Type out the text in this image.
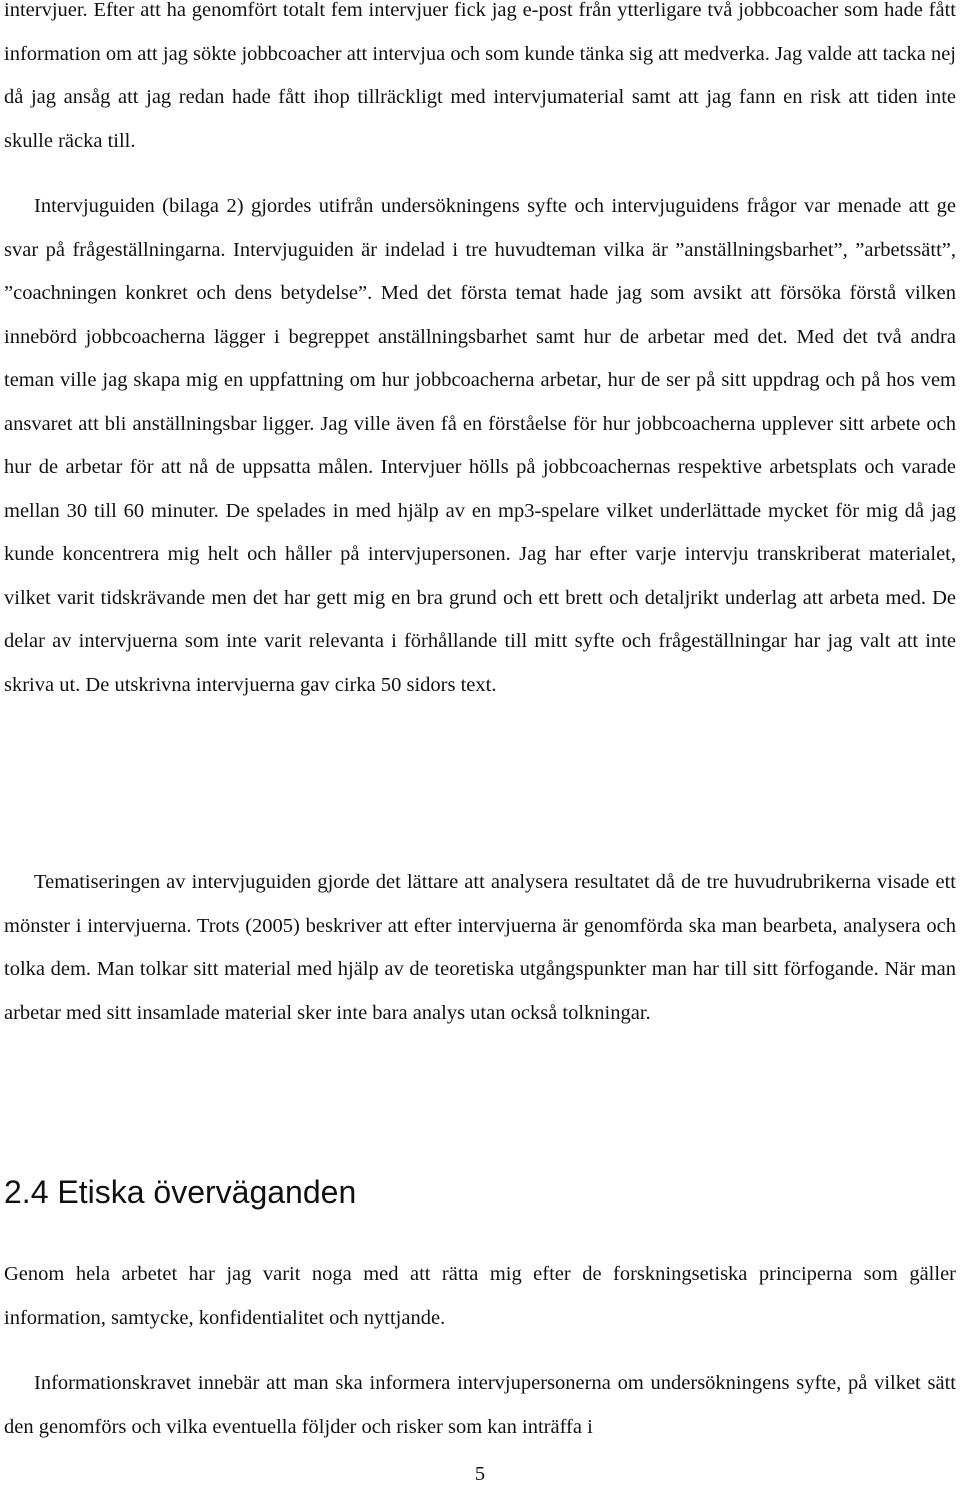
intervjuer. Efter att ha genomfört totalt fem intervjuer fick jag e-post från ytterligare två jobbcoacher som hade fått information om att jag sökte jobbcoacher att intervjua och som kunde tänka sig att medverka. Jag valde att tacka nej då jag ansåg att jag redan hade fått ihop tillräckligt med intervjumaterial samt att jag fann en risk att tiden inte skulle räcka till.

Intervjuguiden (bilaga 2) gjordes utifrån undersökningens syfte och intervjuguidens frågor var menade att ge svar på frågeställningarna. Intervjuguiden är indelad i tre huvudteman vilka är ”anställningsbarhet”, ”arbetssätt”, ”coachningen konkret och dens betydelse”. Med det första temat hade jag som avsikt att försöka förstå vilken innebörd jobbcoacherna lägger i begreppet anställningsbarhet samt hur de arbetar med det. Med det två andra teman ville jag skapa mig en uppfattning om hur jobbcoacherna arbetar, hur de ser på sitt uppdrag och på hos vem ansvaret att bli anställningsbar ligger. Jag ville även få en förståelse för hur jobbcoacherna upplever sitt arbete och hur de arbetar för att nå de uppsatta målen. Intervjuer hölls på jobbcoachernas respektive arbetsplats och varade mellan 30 till 60 minuter. De spelades in med hjälp av en mp3-spelare vilket underlättade mycket för mig då jag kunde koncentrera mig helt och håller på intervjupersonen. Jag har efter varje intervju transkriberat materialet, vilket varit tidskrävande men det har gett mig en bra grund och ett brett och detaljrikt underlag att arbeta med. De delar av intervjuerna som inte varit relevanta i förhållande till mitt syfte och frågeställningar har jag valt att inte skriva ut. De utskrivna intervjuerna gav cirka 50 sidors text.

Tematiseringen av intervjuguiden gjorde det lättare att analysera resultatet då de tre huvudrubrikerna visade ett mönster i intervjuerna. Trots (2005) beskriver att efter intervjuerna är genomförda ska man bearbeta, analysera och tolka dem. Man tolkar sitt material med hjälp av de teoretiska utgångspunkter man har till sitt förfogande. När man arbetar med sitt insamlade material sker inte bara analys utan också tolkningar.

2.4 Etiska överväganden

Genom hela arbetet har jag varit noga med att rätta mig efter de forskningsetiska principerna som gäller information, samtycke, konfidentialitet och nyttjande.

Informationskravet innebär att man ska informera intervjupersonerna om undersökningens syfte, på vilket sätt den genomförs och vilka eventuella följder och risker som kan inträffa i

5
